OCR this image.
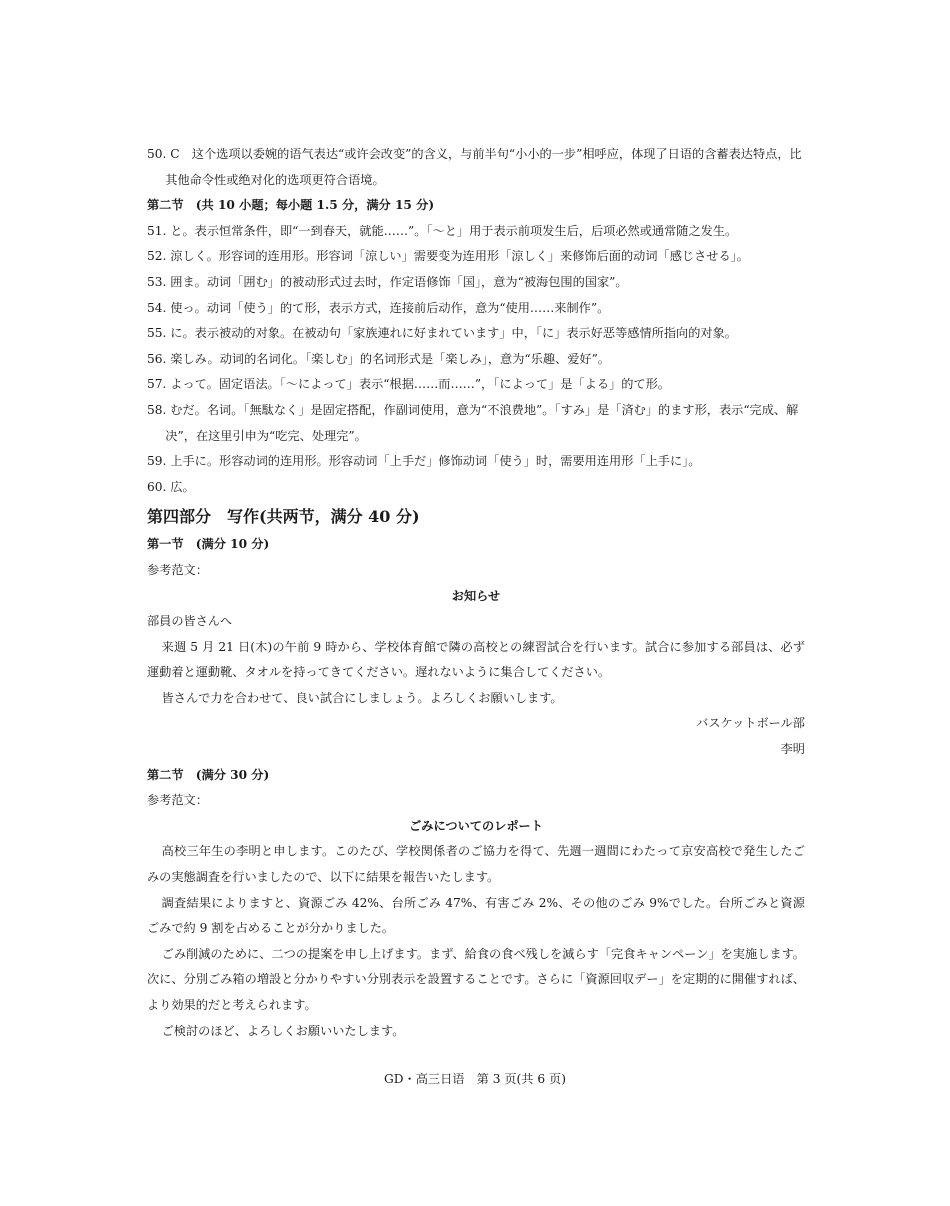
50. C　这个选项以委婉的语气表达“或许会改变”的含义，与前半句“小小的一步”相呼应，体现了日语的含蓄表达特点，比其他命令性或绝对化的选项更符合语境。
第二节　(共 10 小题；每小题 1.5 分，满分 15 分)
51. と。表示恒常条件，即“一到春天，就能……”。「～と」用于表示前项发生后，后项必然或通常随之发生。
52. 涼しく。形容词的连用形。形容词「涼しい」需要变为连用形「涼しく」来修饰后面的动词「感じさせる」。
53. 囲ま。动词「囲む」的被动形式过去时，作定语修饰「国」，意为“被海包围的国家”。
54. 使っ。动词「使う」的て形，表示方式，连接前后动作，意为“使用……来制作”。
55. に。表示被动的对象。在被动句「家族連れに好まれています」中，「に」表示好恶等感情所指向的对象。
56. 楽しみ。动词的名词化。「楽しむ」的名词形式是「楽しみ」，意为“乐趣、爱好”。
57. よって。固定语法。「～によって」表示“根据……而……”，「によって」是「よる」的て形。
58. むだ。名词。「無駄なく」是固定搭配，作副词使用，意为“不浪费地”。「すみ」是「済む」的ます形，表示“完成、解决”，在这里引申为“吃完、处理完”。
59. 上手に。形容动词的连用形。形容动词「上手だ」修饰动词「使う」时，需要用连用形「上手に」。
60. 広。
第四部分　写作(共两节，满分 40 分)
第一节　(满分 10 分)
参考范文：
お知らせ
部員の皆さんへ
来週 5 月 21 日(木)の午前 9 時から、学校体育館で隣の高校との練習試合を行います。試合に参加する部員は、必ず運動着と運動靴、タオルを持ってきてください。遅れないように集合してください。
皆さんで力を合わせて、良い試合にしましょう。よろしくお願いします。
バスケットボール部
李明
第二节　(满分 30 分)
参考范文：
ごみについてのレポート
高校三年生の李明と申します。このたび、学校関係者のご協力を得て、先週一週間にわたって京安高校で発生したごみの実態調査を行いましたので、以下に結果を報告いたします。
調査結果によりますと、資源ごみ 42%、台所ごみ 47%、有害ごみ 2%、その他のごみ 9%でした。台所ごみと資源ごみで約 9 割を占めることが分かりました。
ごみ削減のために、二つの提案を申し上げます。まず、給食の食べ残しを減らす「完食キャンペーン」を実施します。次に、分別ごみ箱の増設と分かりやすい分別表示を設置することです。さらに「資源回収デー」を定期的に開催すれば、より効果的だと考えられます。
ご検討のほど、よろしくお願いいたします。
GD・高三日语　第 3 页(共 6 页)
